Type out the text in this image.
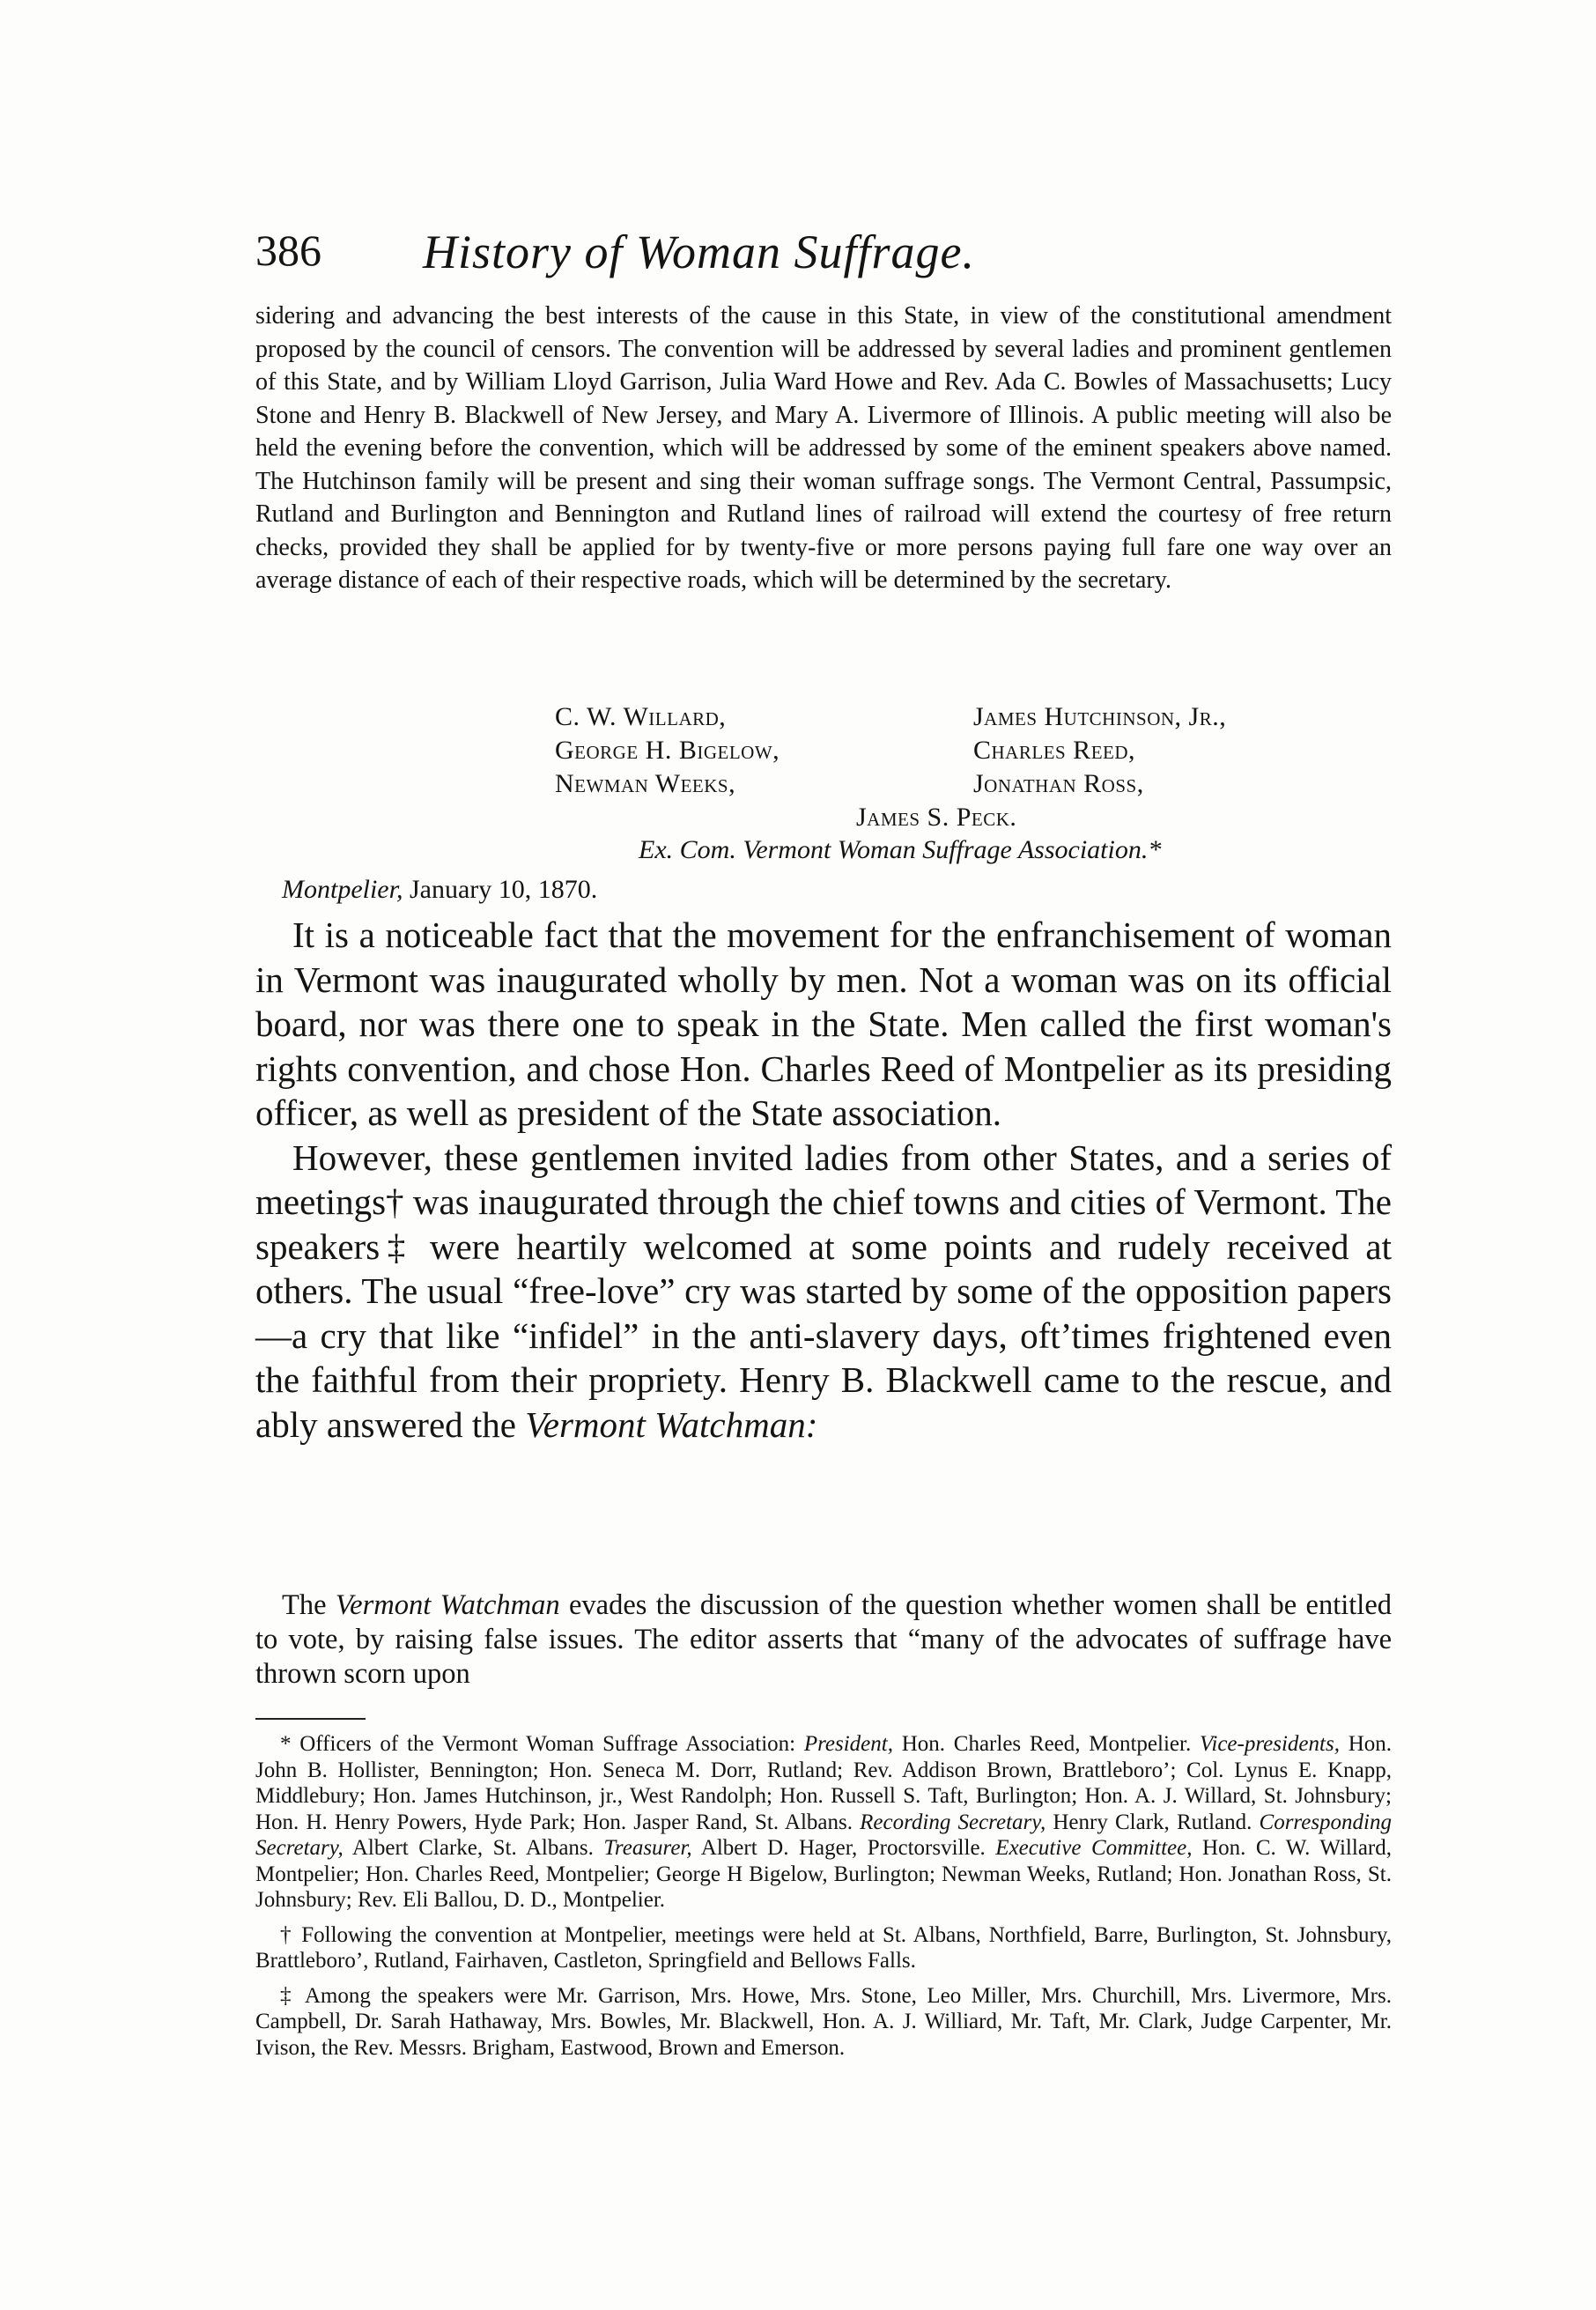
386 History of Woman Suffrage.
sidering and advancing the best interests of the cause in this State, in view of the constitutional amendment proposed by the council of censors. The convention will be addressed by several ladies and prominent gentlemen of this State, and by William Lloyd Garrison, Julia Ward Howe and Rev. Ada C. Bowles of Massachusetts; Lucy Stone and Henry B. Blackwell of New Jersey, and Mary A. Livermore of Illinois. A public meeting will also be held the evening before the convention, which will be addressed by some of the eminent speakers above named. The Hutchinson family will be present and sing their woman suffrage songs. The Vermont Central, Passumpsic, Rutland and Burlington and Bennington and Rutland lines of railroad will extend the courtesy of free return checks, provided they shall be applied for by twenty-five or more persons paying full fare one way over an average distance of each of their respective roads, which will be determined by the secretary.
C. W. Willard,
George H. Bigelow,
Newman Weeks,
James Hutchinson, Jr.,
Charles Reed,
Jonathan Ross,
James S. Peck.
Ex. Com. Vermont Woman Suffrage Association.*
Montpelier, January 10, 1870.

It is a noticeable fact that the movement for the enfranchisement of woman in Vermont was inaugurated wholly by men. Not a woman was on its official board, nor was there one to speak in the State. Men called the first woman's rights convention, and chose Hon. Charles Reed of Montpelier as its presiding officer, as well as president of the State association.

However, these gentlemen invited ladies from other States, and a series of meetings† was inaugurated through the chief towns and cities of Vermont. The speakers‡ were heartily welcomed at some points and rudely received at others. The usual “free-love” cry was started by some of the opposition papers—a cry that like “infidel” in the anti-slavery days, oft’times frightened even the faithful from their propriety. Henry B. Blackwell came to the rescue, and ably answered the Vermont Watchman:

The Vermont Watchman evades the discussion of the question whether women shall be entitled to vote, by raising false issues. The editor asserts that “many of the advocates of suffrage have thrown scorn upon

* Officers of the Vermont Woman Suffrage Association: President, Hon. Charles Reed, Montpelier. Vice-presidents, Hon. John B. Hollister, Bennington; Hon. Seneca M. Dorr, Rutland; Rev. Addison Brown, Brattleboro’; Col. Lynus E. Knapp, Middlebury; Hon. James Hutchinson, jr., West Randolph; Hon. Russell S. Taft, Burlington; Hon. A. J. Willard, St. Johnsbury; Hon. H. Henry Powers, Hyde Park; Hon. Jasper Rand, St. Albans. Recording Secretary, Henry Clark, Rutland. Corresponding Secretary, Albert Clarke, St. Albans. Treasurer, Albert D. Hager, Proctorsville. Executive Committee, Hon. C. W. Willard, Montpelier; Hon. Charles Reed, Montpelier; George H Bigelow, Burlington; Newman Weeks, Rutland; Hon. Jonathan Ross, St. Johnsbury; Rev. Eli Ballou, D. D., Montpelier.

† Following the convention at Montpelier, meetings were held at St. Albans, Northfield, Barre, Burlington, St. Johnsbury, Brattleboro’, Rutland, Fairhaven, Castleton, Springfield and Bellows Falls.

‡ Among the speakers were Mr. Garrison, Mrs. Howe, Mrs. Stone, Leo Miller, Mrs. Churchill, Mrs. Livermore, Mrs. Campbell, Dr. Sarah Hathaway, Mrs. Bowles, Mr. Blackwell, Hon. A. J. Williard, Mr. Taft, Mr. Clark, Judge Carpenter, Mr. Ivison, the Rev. Messrs. Brigham, Eastwood, Brown and Emerson.
